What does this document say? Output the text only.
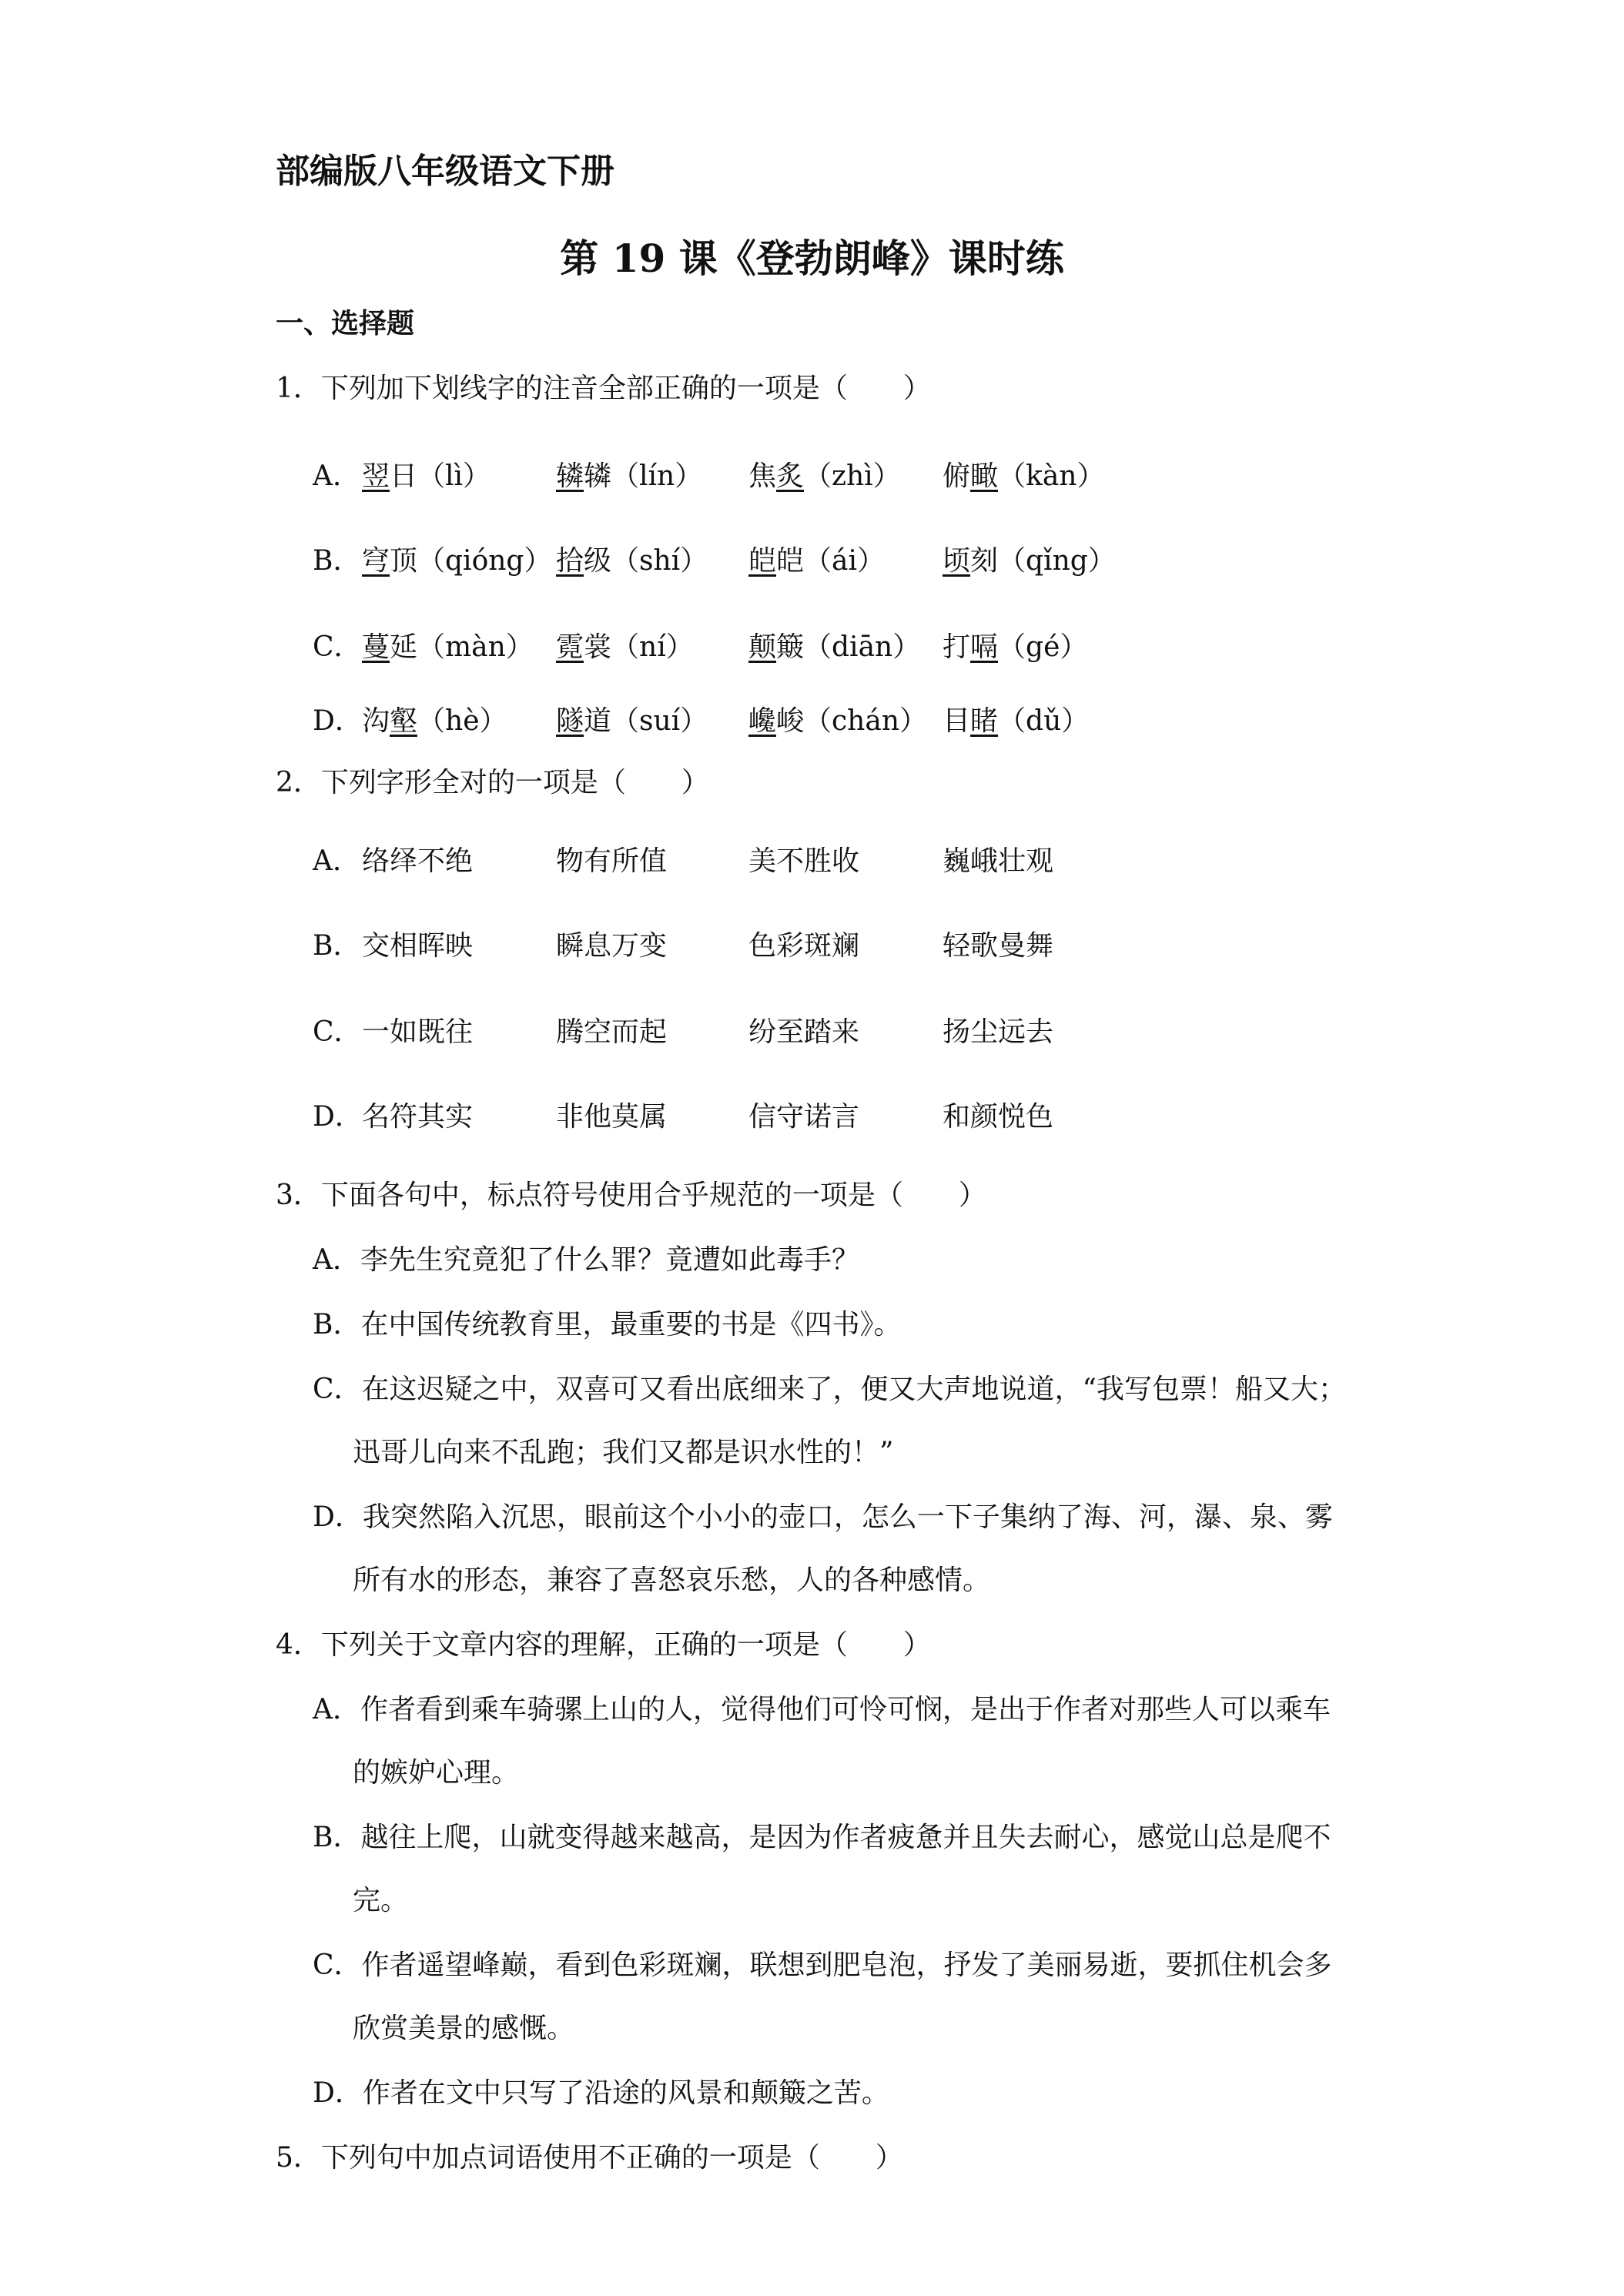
部编版八年级语文下册
第 19 课《登勃朗峰》课时练
一、选择题
1．下列加下划线字的注音全部正确的一项是（　　）
A． 翌日（lì） 辚辚（lín） 焦炙（zhì） 俯瞰（kàn）
B． 穹顶（qióng） 拾级（shí） 皑皑（ái） 顷刻（qǐng）
C． 蔓延（màn） 霓裳（ní） 颠簸（diān） 打嗝（gé）
D． 沟壑（hè） 隧道（suí） 巉峻（chán） 目睹（dǔ）
2．下列字形全对的一项是（　　）
A． 络绎不绝	物有所值	美不胜收	巍峨壮观
B． 交相晖映	瞬息万变	色彩斑斓	轻歌曼舞
C． 一如既往	腾空而起	纷至踏来	扬尘远去
D． 名符其实	非他莫属	信守诺言	和颜悦色
3．下面各句中，标点符号使用合乎规范的一项是（　　）
A．李先生究竟犯了什么罪？竟遭如此毒手？
B．在中国传统教育里，最重要的书是《四书》。
C．在这迟疑之中，双喜可又看出底细来了，便又大声地说道，“我写包票！船又大；
迅哥儿向来不乱跑；我们又都是识水性的！”
D．我突然陷入沉思，眼前这个小小的壶口，怎么一下子集纳了海、河，瀑、泉、雾
所有水的形态，兼容了喜怒哀乐愁，人的各种感情。
4．下列关于文章内容的理解，正确的一项是（　　）
A．作者看到乘车骑骡上山的人，觉得他们可怜可悯，是出于作者对那些人可以乘车
的嫉妒心理。
B．越往上爬，山就变得越来越高，是因为作者疲惫并且失去耐心，感觉山总是爬不
完。
C．作者遥望峰巅，看到色彩斑斓，联想到肥皂泡，抒发了美丽易逝，要抓住机会多
欣赏美景的感慨。
D．作者在文中只写了沿途的风景和颠簸之苦。
5．下列句中加点词语使用不正确的一项是（　　）
